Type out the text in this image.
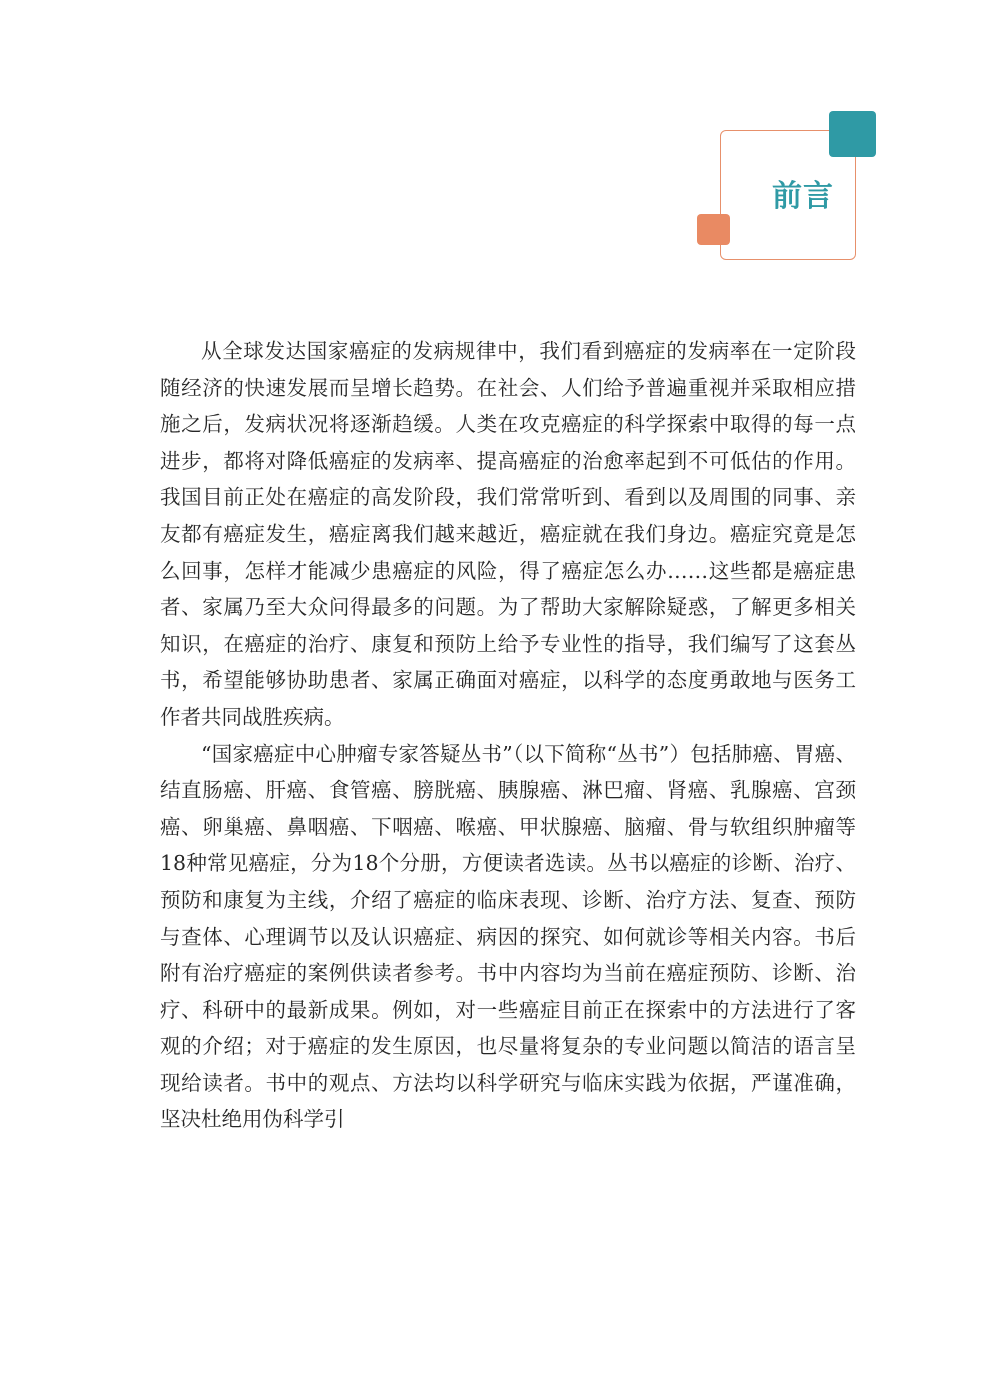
前言

从全球发达国家癌症的发病规律中，我们看到癌症的发病率在一定阶段随经济的快速发展而呈增长趋势。在社会、人们给予普遍重视并采取相应措施之后，发病状况将逐渐趋缓。人类在攻克癌症的科学探索中取得的每一点进步，都将对降低癌症的发病率、提高癌症的治愈率起到不可低估的作用。我国目前正处在癌症的高发阶段，我们常常听到、看到以及周围的同事、亲友都有癌症发生，癌症离我们越来越近，癌症就在我们身边。癌症究竟是怎么回事，怎样才能减少患癌症的风险，得了癌症怎么办……这些都是癌症患者、家属乃至大众问得最多的问题。为了帮助大家解除疑惑，了解更多相关知识，在癌症的治疗、康复和预防上给予专业性的指导，我们编写了这套丛书，希望能够协助患者、家属正确面对癌症，以科学的态度勇敢地与医务工作者共同战胜疾病。

“国家癌症中心肿瘤专家答疑丛书”（以下简称“丛书”）包括肺癌、胃癌、结直肠癌、肝癌、食管癌、膀胱癌、胰腺癌、淋巴瘤、肾癌、乳腺癌、宫颈癌、卵巢癌、鼻咽癌、下咽癌、喉癌、甲状腺癌、脑瘤、骨与软组织肿瘤等18种常见癌症，分为18个分册，方便读者选读。丛书以癌症的诊断、治疗、预防和康复为主线，介绍了癌症的临床表现、诊断、治疗方法、复查、预防与查体、心理调节以及认识癌症、病因的探究、如何就诊等相关内容。书后附有治疗癌症的案例供读者参考。书中内容均为当前在癌症预防、诊断、治疗、科研中的最新成果。例如，对一些癌症目前正在探索中的方法进行了客观的介绍；对于癌症的发生原因，也尽量将复杂的专业问题以简洁的语言呈现给读者。书中的观点、方法均以科学研究与临床实践为依据，严谨准确，坚决杜绝用伪科学引
